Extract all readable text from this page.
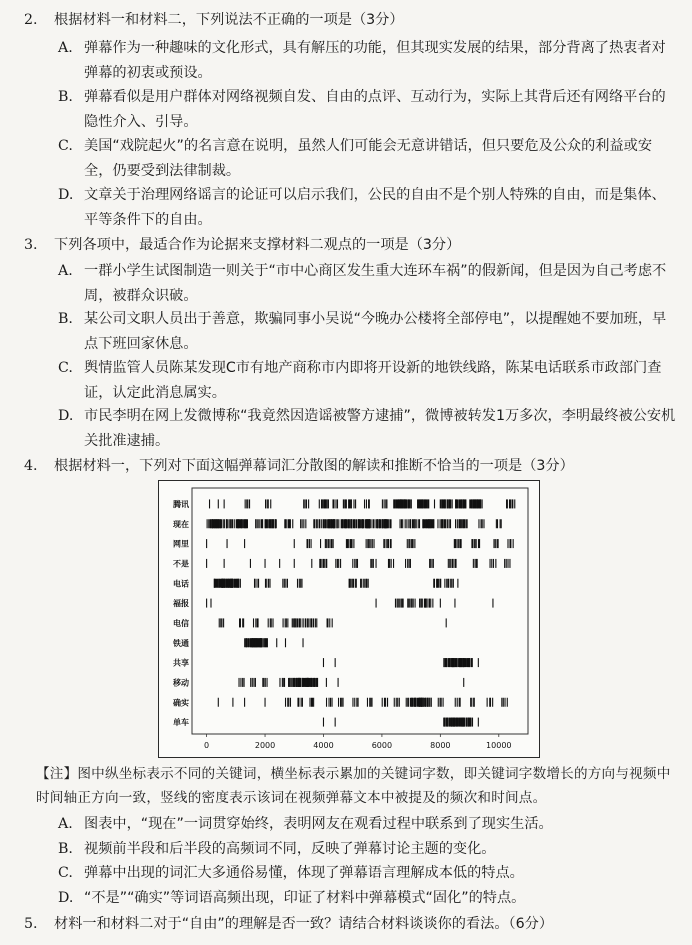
2. 根据材料一和材料二，下列说法不正确的一项是（3分）
A. 弹幕作为一种趣味的文化形式，具有解压的功能，但其现实发展的结果，部分背离了热衷者对弹幕的初衷或预设。
B. 弹幕看似是用户群体对网络视频自发、自由的点评、互动行为，实际上其背后还有网络平台的隐性介入、引导。
C. 美国“戏院起火”的名言意在说明，虽然人们可能会无意讲错话，但只要危及公众的利益或安全，仍要受到法律制裁。
D. 文章关于治理网络谣言的论证可以启示我们，公民的自由不是个别人特殊的自由，而是集体、平等条件下的自由。
3. 下列各项中，最适合作为论据来支撑材料二观点的一项是（3分）
A. 一群小学生试图制造一则关于“市中心商区发生重大连环车祸”的假新闻，但是因为自己考虑不周，被群众识破。
B. 某公司文职人员出于善意，欺骗同事小吴说“今晚办公楼将全部停电”，以提醒她不要加班，早点下班回家休息。
C. 舆情监管人员陈某发现C市有地产商称市内即将开设新的地铁线路，陈某电话联系市政部门查证，认定此消息属实。
D. 市民李明在网上发微博称“我竟然因造谣被警方逮捕”，微博被转发1万多次，李明最终被公安机关批准逮捕。
4. 根据材料一，下列对下面这幅弹幕词汇分散图的解读和推断不恰当的一项是（3分）
腾讯
现在
网里
不是
电话
福报
电信
铁通
共享
移动
确实
单车
0	2000	4000	6000	8000	10000
【注】图中纵坐标表示不同的关键词，横坐标表示累加的关键词字数，即关键词字数增长的方向与视频中时间轴正方向一致，竖线的密度表示该词在视频弹幕文本中被提及的频次和时间点。
A. 图表中，“现在”一词贯穿始终，表明网友在观看过程中联系到了现实生活。
B. 视频前半段和后半段的高频词不同，反映了弹幕讨论主题的变化。
C. 弹幕中出现的词汇大多通俗易懂，体现了弹幕语言理解成本低的特点。
D. “不是”“确实”等词语高频出现，印证了材料中弹幕模式“固化”的特点。
5. 材料一和材料二对于“自由”的理解是否一致？请结合材料谈谈你的看法。（6分）
